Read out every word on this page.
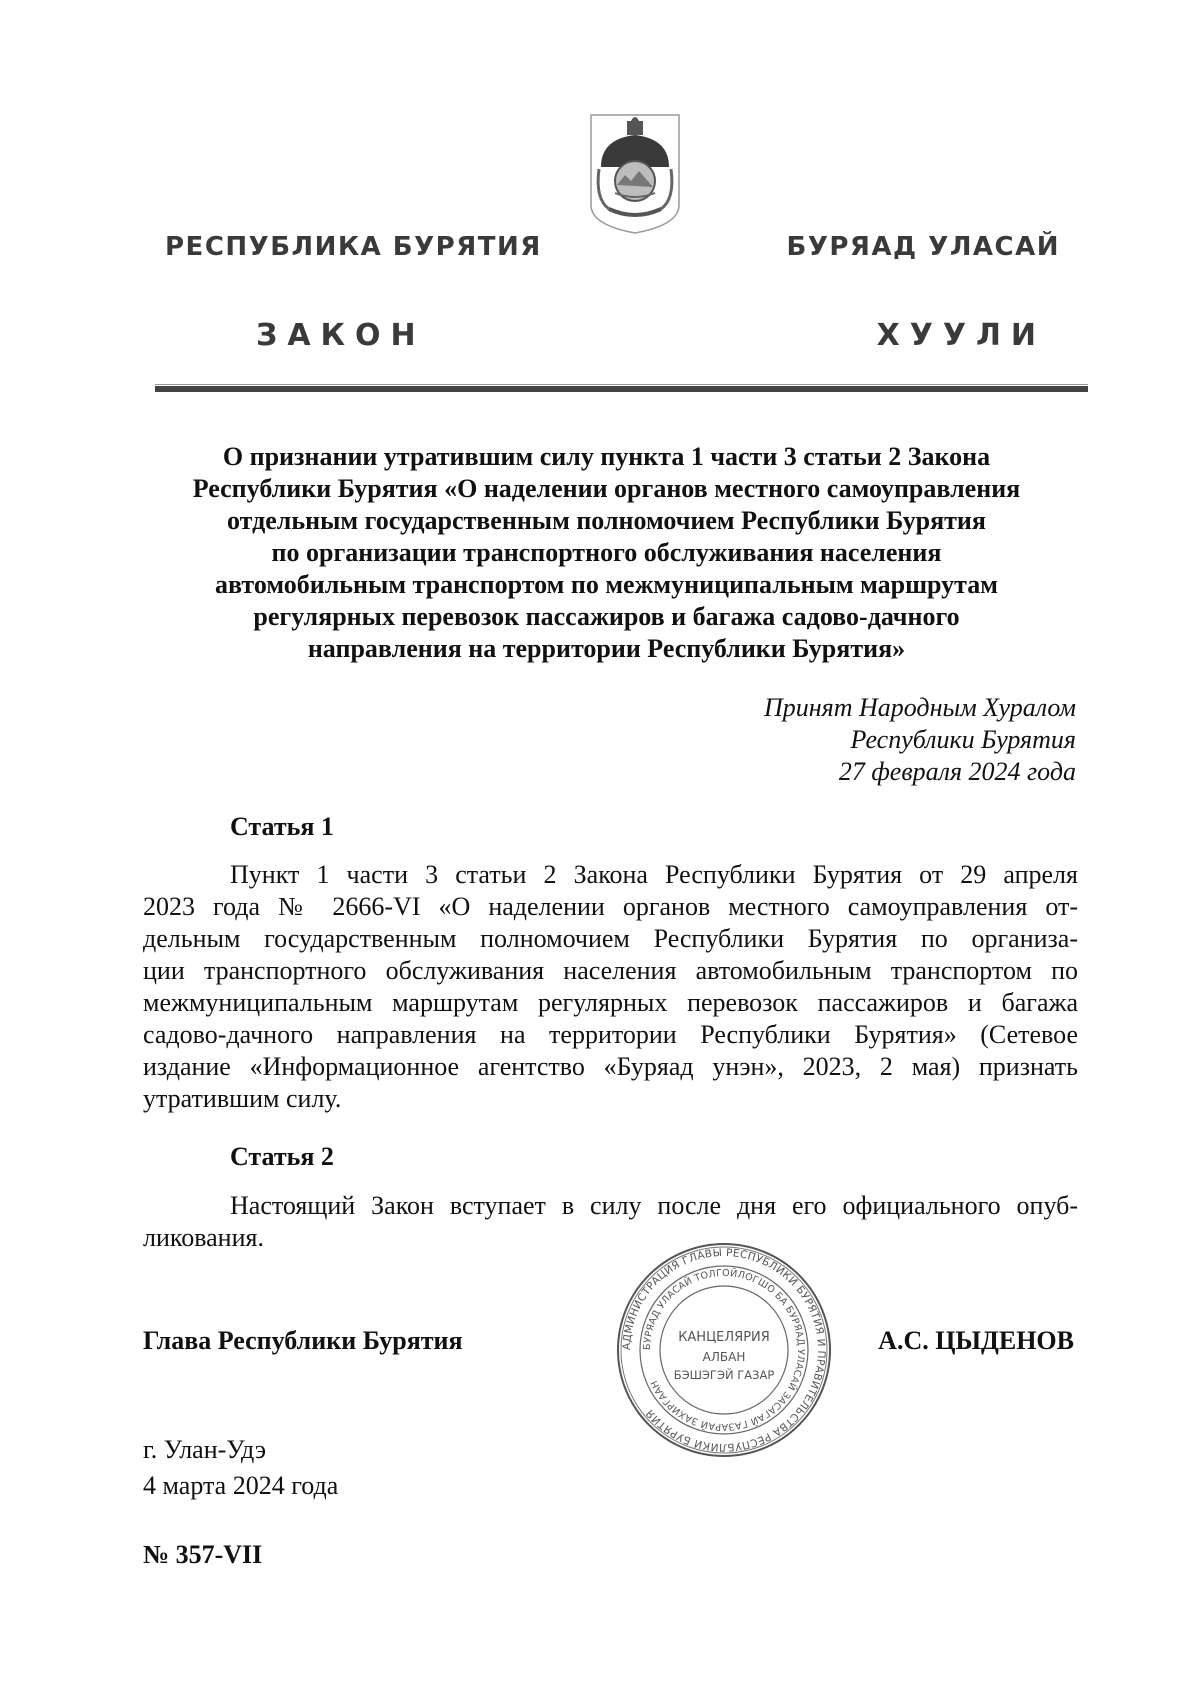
РЕСПУБЛИКА БУРЯТИЯ	БУРЯАД УЛАСАЙ
ЗАКОН	ХУУЛИ
О признании утратившим силу пункта 1 части 3 статьи 2 Закона
Республики Бурятия «О наделении органов местного самоуправления
отдельным государственным полномочием Республики Бурятия
по организации транспортного обслуживания населения
автомобильным транспортом по межмуниципальным маршрутам
регулярных перевозок пассажиров и багажа садово-дачного
направления на территории Республики Бурятия»
Принят Народным Хуралом
Республики Бурятия
27 февраля 2024 года
Статья 1
Пункт 1 части 3 статьи 2 Закона Республики Бурятия от 29 апреля
2023 года № 2666-VI «О наделении органов местного самоуправления от-
дельным государственным полномочием Республики Бурятия по организа-
ции транспортного обслуживания населения автомобильным транспортом по
межмуниципальным маршрутам регулярных перевозок пассажиров и багажа
садово-дачного направления на территории Республики Бурятия» (Сетевое
издание «Информационное агентство «Буряад унэн», 2023, 2 мая) признать
утратившим силу.
Статья 2
Настоящий Закон вступает в силу после дня его официального опуб-
ликования.
Глава Республики Бурятия	АДМИНИСТРАЦИЯ ГЛАВЫ РЕСПУБЛИКИ БУРЯТИЯ И ПРАВИТЕЛЬСТВА РЕСПУБЛИКИ БУРЯТИЯ
БУРЯАД УЛАСАЙ ТОЛГОЙЛОГШО БА БУРЯАД УЛАСАЙ ЗАСАГАЙ ГАЗАРАЙ ЗАХИРГААН
КАНЦЕЛЯРИЯ
АЛБАН
БЭШЭГЭЙ ГАЗАР
А.С. ЦЫДЕНОВ
г. Улан-Удэ
4 марта 2024 года
№ 357-VII
